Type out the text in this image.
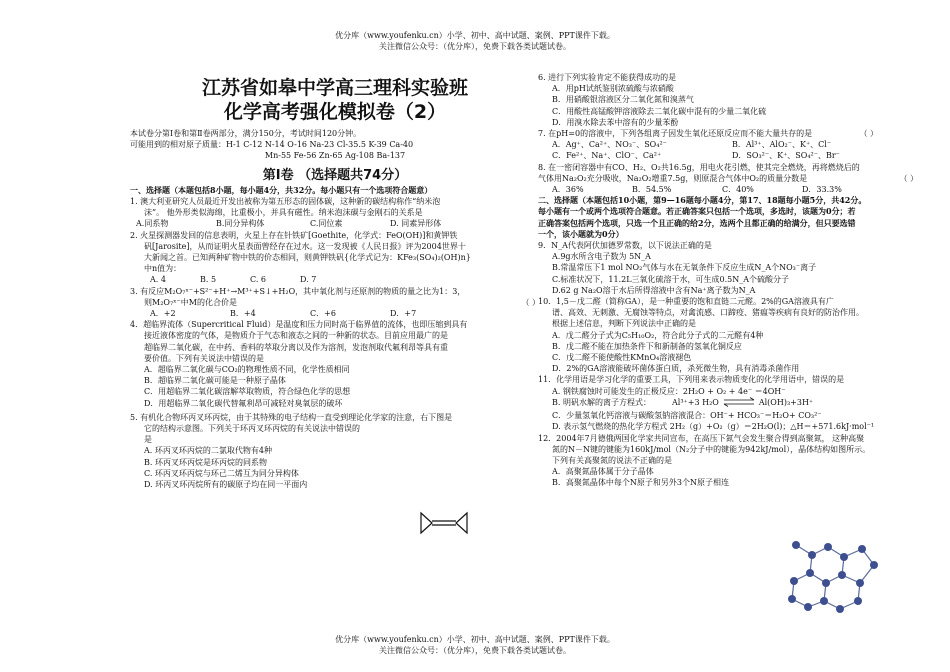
优分库（www.youfenku.cn）小学、初中、高中试题、案例、PPT课件下载。
关注微信公众号：（优分库），免费下载各类试题试卷。
江苏省如皋中学高三理科实验班
化学高考强化模拟卷（2）

本试卷分第Ⅰ卷和第Ⅱ卷两部分，满分150分，考试时间120分钟。

可能用到的相对原子质量：H-1 C-12 N-14 O-16 Na-23 Cl-35.5 K-39 Ca-40

Mn-55 Fe-56 Zn-65 Ag-108 Ba-137

第Ⅰ卷 （选择题共74分）

一、选择题（本题包括8小题，每小题4分，共32分。每小题只有一个选项符合题意）

1. 澳大利亚研究人员最近开发出被称为第五形态的固体碳，这种新的碳结构称作“纳米泡

沫”。 他外形类似海绵，比重极小，并具有磁性。纳米泡沫碳与金刚石的关系是

A.同系物	B.同分异构体	C.同位素	D. 同素异形体

2. 火星探测器发回的信息表明，火星上存在针铁矿[Goethite，化学式：FeO(OH)]和黄钾铁

矾[Jarosite]，从而证明火星表面曾经存在过水。这一发现被《人民日报》评为2004世界十

大新闻之首。已知两种矿物中铁的价态相同，则黄钾铁矾{化学式记为：KFe₃(SO₄)₂(OH)n}

中n值为：

A. 4	B. 5	C. 6	D. 7

3. 有反应M₂O₇ˣ⁻+S²⁻+H⁺→M³⁺+S↓+H₂O，其中氧化剂与还原剂的物质的量之比为1：3，

则M₂O₇ˣ⁻中M的化合价是	（ ）

A．+2	B．+4	C．+6	D．+7

4．超临界流体（Supercritical Fluid）是温度和压力同时高于临界值的流体，也即压缩到具有

接近液体密度的气体，是物质介于气态和液态之间的一种新的状态。目前应用最广的是

超临界二氧化碳，在中药、香料的萃取分离以及作为溶剂，发泡剂取代氟利昂等具有重

要价值。下列有关说法中错误的是

A．超临界二氧化碳与CO₂的物理性质不同，化学性质相同

B．超临界二氧化碳可能是一种原子晶体

C．用超临界二氧化碳溶解萃取物质，符合绿色化学的思想

D．用超临界二氧化碳代替氟利昂可减轻对臭氧层的破坏

5. 有机化合物环丙叉环丙烷，由于其特殊的电子结构一直受到理论化学家的注意，右下图是

它的结构示意图。下列关于环丙叉环丙烷的有关说法中错误的

是

A. 环丙叉环丙烷的二氯取代物有4种

B. 环丙叉环丙烷是环丙烷的同系物

C. 环丙叉环丙烷与环己二烯互为同分异构体

D. 环丙叉环丙烷所有的碳原子均在同一平面内

6. 进行下列实验肯定不能获得成功的是

A．用pH试纸鉴别浓硫酸与浓硝酸

B．用硝酸银溶液区分二氧化氮和溴蒸气

C．用酸性高锰酸钾溶液除去二氧化碳中混有的少量二氧化硫

D．用溴水除去苯中溶有的少量苯酚

7. 在pH=0的溶液中，下列各组离子因发生氧化还原反应而不能大量共存的是	（ ）

A．Ag⁺、Ca²⁺、NO₃⁻、SO₄²⁻	B．Al³⁺、AlO₂⁻、K⁺、Cl⁻
C．Fe²⁺、Na⁺、ClO⁻、Ca²⁺	D．SO₃²⁻、K⁺、SO₄²⁻、Br⁻

8. 在一密闭容器中有CO、H₂、O₂共16.5g，用电火花引燃，使其完全燃烧，再将燃烧后的

气体用Na₂O₂充分吸收，Na₂O₂增重7.5g，则原混合气体中O₂的质量分数是	（ ）

A．36%	B．54.5%	C．40%	D．33.3%

二、选择题（本题包括10小题，第9—16题每小题4分，第17、18题每小题5分，共42分。

每小题有一个或两个选项符合题意。若正确答案只包括一个选项，多选时，该题为0分；若

正确答案包括两个选项，只选一个且正确的给2分，选两个且都正确的给满分，但只要选错

一个，该小题就为0分）

9．N_A代表阿伏加德罗常数，以下说法正确的是

A.9g水所含电子数为 5N_A

B.常温常压下1 mol NO₂气体与水在无氧条件下反应生成N_A个NO₃⁻离子

C.标准状况下，11.2L三氧化硫溶于水，可生成0.5N_A个硫酸分子

D.62 g Na₂O溶于水后所得溶液中含有Na⁺离子数为N_A

10．1,5－戊二醛（简称GA），是一种重要的饱和直链二元醛。2%的GA溶液具有广

谱、高效、无刺激、无腐蚀等特点，对禽流感、口蹄疫、猪瘟等疾病有良好的防治作用。

根据上述信息，判断下列说法中正确的是

A．戊二醛分子式为C₅H₁₀O₂，符合此分子式的二元醛有4种

B．戊二醛不能在加热条件下和新制备的氢氧化铜反应

C．戊二醛不能使酸性KMnO₄溶液褪色

D．2%的GA溶液能破坏菌体蛋白质，杀死微生物，具有消毒杀菌作用

11．化学用语是学习化学的重要工具，下列用来表示物质变化的化学用语中，错误的是

A. 钢铁腐蚀时可能发生的正极反应：2H₂O + O₂ + 4e⁻ ＝4OH⁻

B. 明矾水解的离子方程式：	Al³⁺+3 H₂O	Al(OH)₃+3H⁺

C．少量氢氧化钙溶液与碳酸氢钠溶液混合：OH⁻+ HCO₃⁻＝H₂O+ CO₃²⁻

D. 表示氢气燃烧的热化学方程式 2H₂（g）+O₂（g）＝2H₂O(l)；△H＝+571.6kJ·mol⁻¹

12．2004年7月德俄两国化学家共同宣布，在高压下氮气会发生聚合得到高聚氮， 这种高聚

氮的N－N键的键能为160kJ/mol（N₂分子中的键能为942kJ/mol），晶体结构如图所示。

下列有关高聚氮的说法不正确的是

A．高聚氮晶体属于分子晶体

B．高聚氮晶体中每个N原子和另外3个N原子相连

优分库（www.youfenku.cn）小学、初中、高中试题、案例、PPT课件下载。
关注微信公众号：（优分库），免费下载各类试题试卷。
